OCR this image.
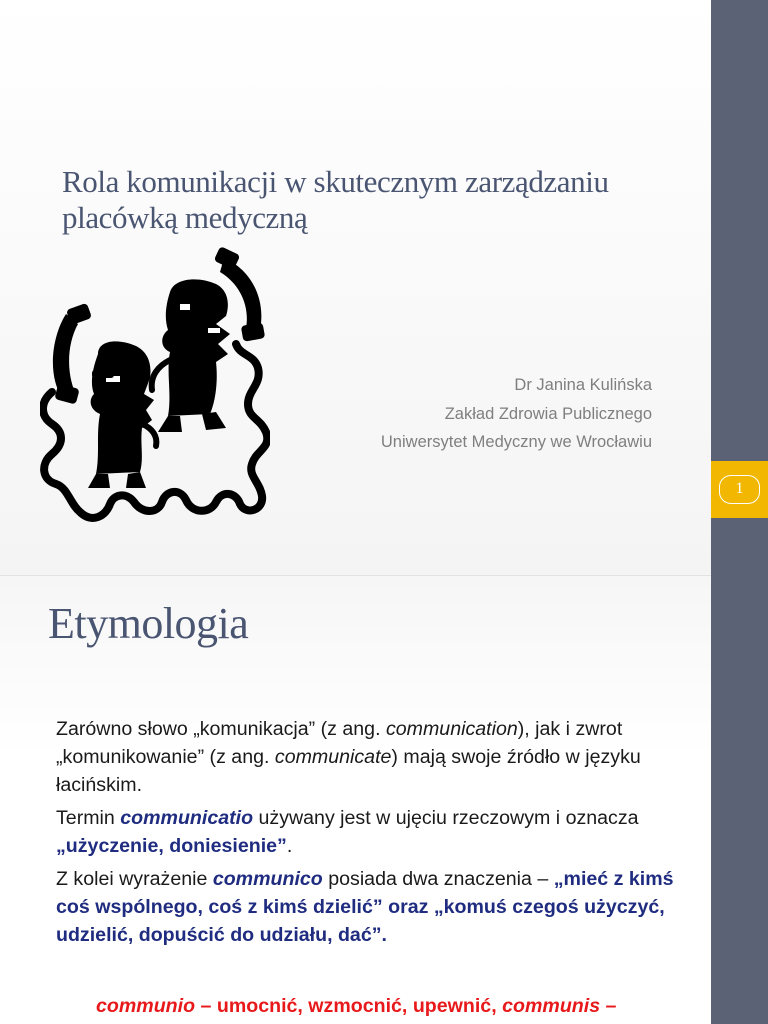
Rola komunikacji w skutecznym zarządzaniu placówką medyczną
Dr Janina Kulińska
Zakład Zdrowia Publicznego
Uniwersytet Medyczny we Wrocławiu
Etymologia

Zarówno słowo „komunikacja” (z ang. communication), jak i zwrot „komunikowanie” (z ang. communicate) mają swoje źródło w języku łacińskim.

Termin communicatio używany jest w ujęciu rzeczowym i oznacza „użyczenie, doniesienie”.

Z kolei wyrażenie communico posiada dwa znaczenia – „mieć z kimś coś wspólnego, coś z kimś dzielić” oraz „komuś czegoś użyczyć, udzielić, dopuścić do udziału, dać”.

communio – umocnić, wzmocnić, upewnić, communis –
1
